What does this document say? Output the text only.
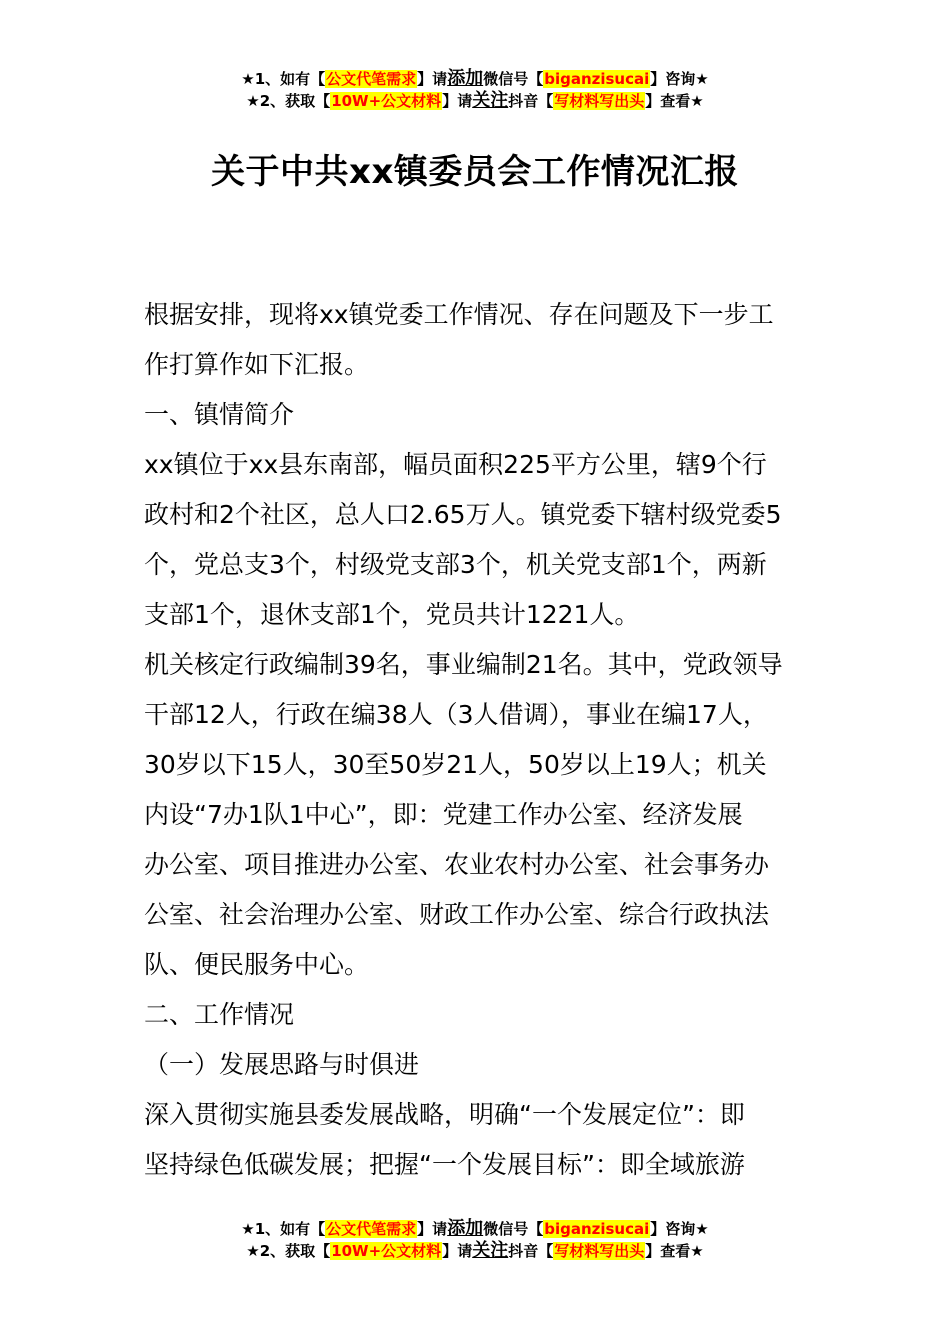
★1、如有【公文代笔需求】请添加微信号【biganzisucai】咨询★
★2、获取【10W+公文材料】请关注抖音【写材料写出头】查看★
关于中共xx镇委员会工作情况汇报
根据安排，现将xx镇党委工作情况、存在问题及下一步工
作打算作如下汇报。
一、镇情简介
xx镇位于xx县东南部，幅员面积225平方公里，辖9个行
政村和2个社区，总人口2.65万人。镇党委下辖村级党委5
个，党总支3个，村级党支部3个，机关党支部1个，两新
支部1个，退休支部1个，党员共计1221人。
机关核定行政编制39名，事业编制21名。其中，党政领导
干部12人，行政在编38人（3人借调），事业在编17人，
30岁以下15人，30至50岁21人，50岁以上19人；机关
内设“7办1队1中心”，即：党建工作办公室、经济发展
办公室、项目推进办公室、农业农村办公室、社会事务办
公室、社会治理办公室、财政工作办公室、综合行政执法
队、便民服务中心。
二、工作情况
（一）发展思路与时俱进
深入贯彻实施县委发展战略，明确“一个发展定位”：即
坚持绿色低碳发展；把握“一个发展目标”：即全域旅游
★1、如有【公文代笔需求】请添加微信号【biganzisucai】咨询★
★2、获取【10W+公文材料】请关注抖音【写材料写出头】查看★
